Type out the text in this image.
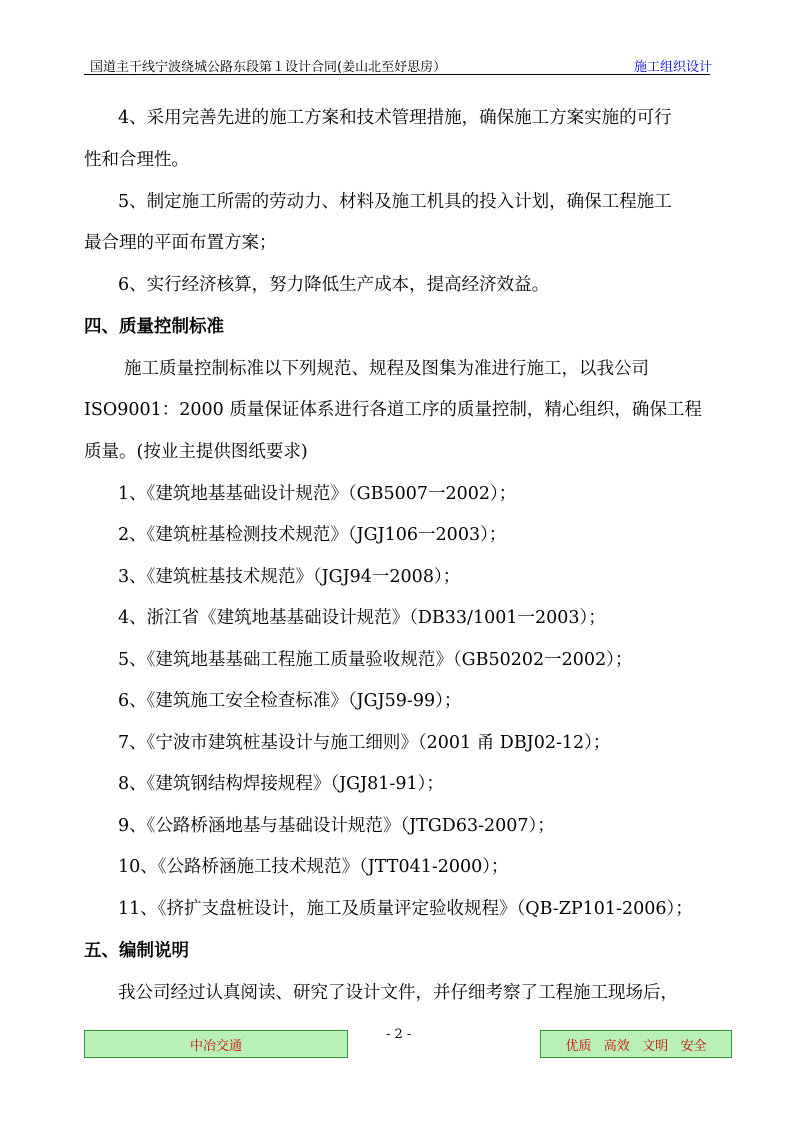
国道主干线宁波绕城公路东段第１设计合同(姜山北至妤思房）	施工组织设计
4、采用完善先进的施工方案和技术管理措施，确保施工方案实施的可行
性和合理性。
5、制定施工所需的劳动力、材料及施工机具的投入计划，确保工程施工
最合理的平面布置方案；
6、实行经济核算，努力降低生产成本，提高经济效益。
四、质量控制标准
施工质量控制标准以下列规范、规程及图集为准进行施工，以我公司
ISO9001：2000 质量保证体系进行各道工序的质量控制，精心组织，确保工程
质量。(按业主提供图纸要求)
1、《建筑地基基础设计规范》（GB5007一2002）；
2、《建筑桩基检测技术规范》（JGJ106一2003）；
3、《建筑桩基技术规范》（JGJ94一2008）；
4、浙江省《建筑地基基础设计规范》（DB33/1001一2003）；
5、《建筑地基基础工程施工质量验收规范》（GB50202一2002）；
6、《建筑施工安全检查标准》（JGJ59-99）；
7、《宁波市建筑桩基设计与施工细则》（2001 甬 DBJ02-12）；
8、《建筑钢结构焊接规程》（JGJ81-91）；
9、《公路桥涵地基与基础设计规范》（JTGD63-2007）；
10、《公路桥涵施工技术规范》（JTT041-2000）；
11、《挤扩支盘桩设计，施工及质量评定验收规程》（QB-ZP101-2006）；
五、编制说明
我公司经过认真阅读、研究了设计文件，并仔细考察了工程施工现场后，
- 2 -
中冶交通	优质   高效   文明   安全
